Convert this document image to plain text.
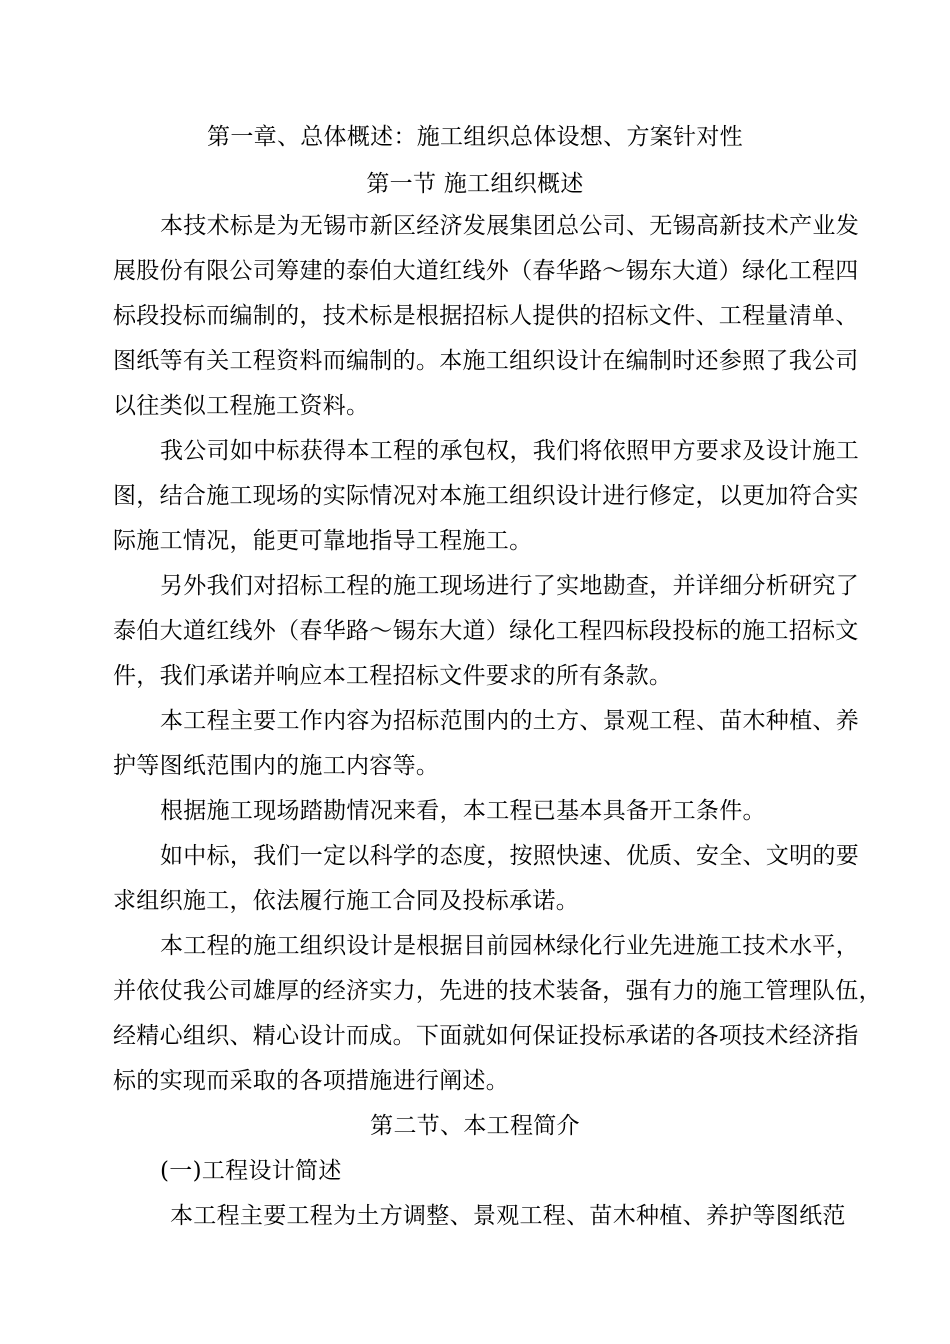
第一章、总体概述：施工组织总体设想、方案针对性
第一节 施工组织概述
本技术标是为无锡市新区经济发展集团总公司、无锡高新技术产业发
展股份有限公司筹建的泰伯大道红线外（春华路～锡东大道）绿化工程四
标段投标而编制的，技术标是根据招标人提供的招标文件、工程量清单、
图纸等有关工程资料而编制的。本施工组织设计在编制时还参照了我公司
以往类似工程施工资料。
我公司如中标获得本工程的承包权，我们将依照甲方要求及设计施工
图，结合施工现场的实际情况对本施工组织设计进行修定，以更加符合实
际施工情况，能更可靠地指导工程施工。
另外我们对招标工程的施工现场进行了实地勘查，并详细分析研究了
泰伯大道红线外（春华路～锡东大道）绿化工程四标段投标的施工招标文
件，我们承诺并响应本工程招标文件要求的所有条款。
本工程主要工作内容为招标范围内的土方、景观工程、苗木种植、养
护等图纸范围内的施工内容等。
根据施工现场踏勘情况来看，本工程已基本具备开工条件。
如中标，我们一定以科学的态度，按照快速、优质、安全、文明的要
求组织施工，依法履行施工合同及投标承诺。
本工程的施工组织设计是根据目前园林绿化行业先进施工技术水平，
并依仗我公司雄厚的经济实力，先进的技术装备，强有力的施工管理队伍，
经精心组织、精心设计而成。下面就如何保证投标承诺的各项技术经济指
标的实现而采取的各项措施进行阐述。
第二节、本工程简介
(一)工程设计简述
本工程主要工程为土方调整、景观工程、苗木种植、养护等图纸范
